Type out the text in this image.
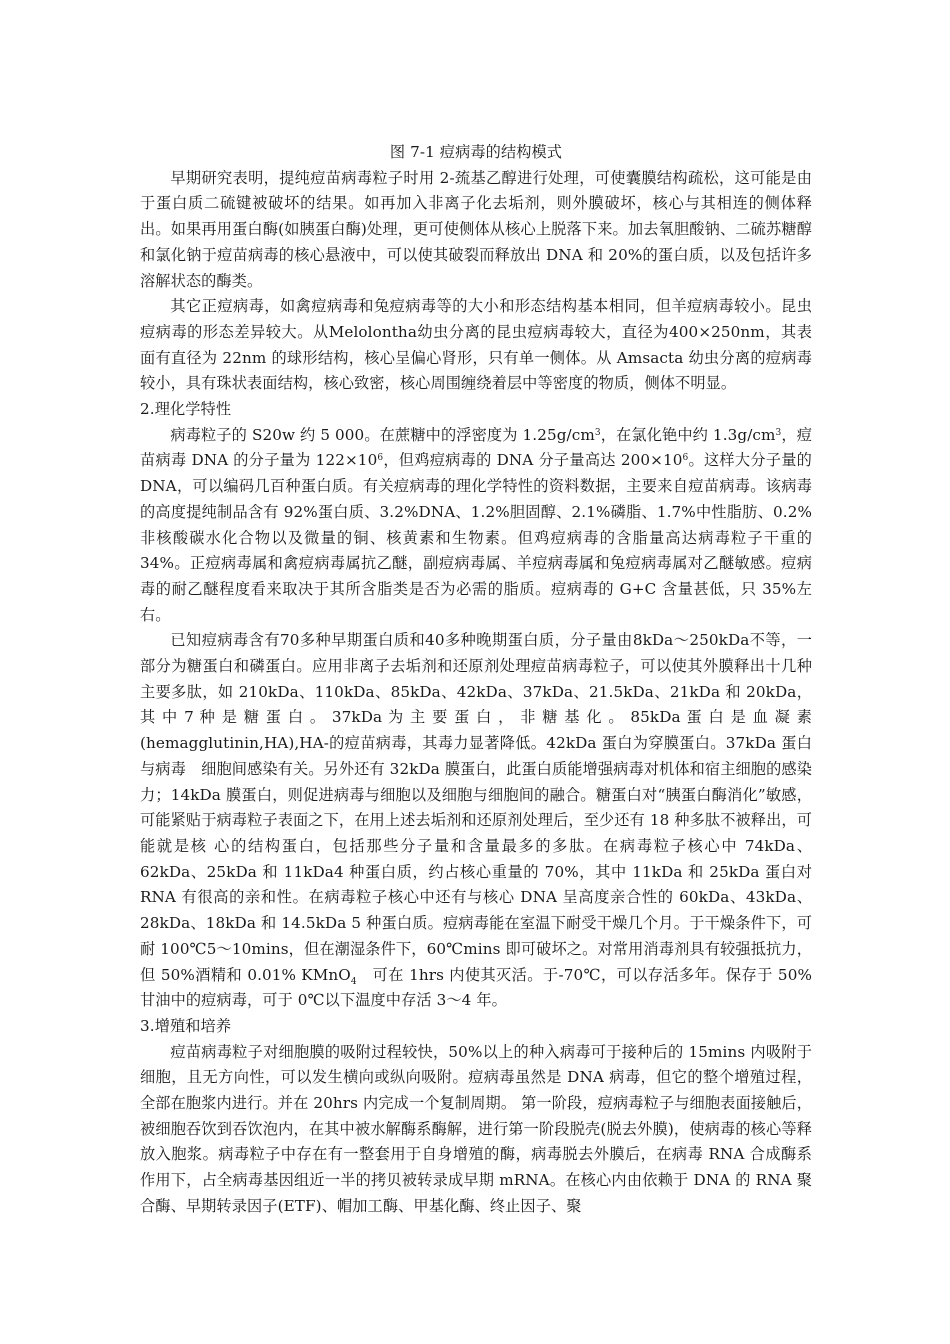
图 7-1 痘病毒的结构模式

早期研究表明，提纯痘苗病毒粒子时用 2-巯基乙醇进行处理，可使囊膜结构疏松，这可能是由于蛋白质二硫键被破坏的结果。如再加入非离子化去垢剂，则外膜破坏，核心与其相连的侧体释出。如果再用蛋白酶(如胰蛋白酶)处理，更可使侧体从核心上脱落下来。加去氧胆酸钠、二硫苏糖醇和氯化钠于痘苗病毒的核心悬液中，可以使其破裂而释放出 DNA 和 20%的蛋白质，以及包括许多溶解状态的酶类。

其它正痘病毒，如禽痘病毒和兔痘病毒等的大小和形态结构基本相同，但羊痘病毒较小。昆虫痘病毒的形态差异较大。从Melolontha幼虫分离的昆虫痘病毒较大，直径为400×250nm，其表面有直径为 22nm 的球形结构，核心呈偏心肾形，只有单一侧体。从 Amsacta 幼虫分离的痘病毒较小，具有珠状表面结构，核心致密，核心周围缠绕着层中等密度的物质，侧体不明显。

2.理化学特性

病毒粒子的 S20w 约 5 000。在蔗糖中的浮密度为 $1.25g/cm^3$，在氯化铯中约 $1.3g/cm^3$，痘苗病毒 DNA 的分子量为 $122\times 10^6$，但鸡痘病毒的 DNA 分子量高达 $200\times 10^6$。这样大分子量的 DNA，可以编码几百种蛋白质。有关痘病毒的理化学特性的资料数据，主要来自痘苗病毒。该病毒的高度提纯制品含有 92%蛋白质、3.2%DNA、1.2%胆固醇、2.1%磷脂、1.7%中性脂肪、0.2%非核酸碳水化合物以及微量的铜、核黄素和生物素。但鸡痘病毒的含脂量高达病毒粒子干重的 34%。正痘病毒属和禽痘病毒属抗乙醚，副痘病毒属、羊痘病毒属和兔痘病毒属对乙醚敏感。痘病毒的耐乙醚程度看来取决于其所含脂类是否为必需的脂质。痘病毒的 G+C 含量甚低，只 35%左右。

已知痘病毒含有70多种早期蛋白质和40多种晚期蛋白质，分子量由8kDa～250kDa不等，一部分为糖蛋白和磷蛋白。应用非离子去垢剂和还原剂处理痘苗病毒粒子，可以使其外膜释出十几种主要多肽，如 210kDa、110kDa、85kDa、42kDa、37kDa、21.5kDa、21kDa 和 20kDa，其 中 7 种 是 糖 蛋 白 。 37kDa 为 主 要 蛋 白 ， 非 糖 基 化 。 85kDa 蛋 白 是 血 凝 素 (hemagglutinin,HA),HA-的痘苗病毒，其毒力显著降低。42kDa 蛋白为穿膜蛋白。37kDa 蛋白与病毒　细胞间感染有关。另外还有 32kDa 膜蛋白，此蛋白质能增强病毒对机体和宿主细胞的感染力；14kDa 膜蛋白，则促进病毒与细胞以及细胞与细胞间的融合。糖蛋白对“胰蛋白酶消化”敏感，可能紧贴于病毒粒子表面之下，在用上述去垢剂和还原剂处理后，至少还有 18 种多肽不被释出，可能就是核 心的结构蛋白，包括那些分子量和含量最多的多肽。在病毒粒子核心中 74kDa、62kDa、25kDa 和 11kDa4 种蛋白质，约占核心重量的 70%，其中 11kDa 和 25kDa 蛋白对 RNA 有很高的亲和性。在病毒粒子核心中还有与核心 DNA 呈高度亲合性的 60kDa、43kDa、28kDa、18kDa 和 14.5kDa 5 种蛋白质。痘病毒能在室温下耐受干燥几个月。于干燥条件下，可耐 100℃5～10mins，但在潮湿条件下，60℃mins 即可破坏之。对常用消毒剂具有较强抵抗力，但 50%酒精和 0.01% KMnO$_4$　可在 1hrs 内使其灭活。于-70℃，可以存活多年。保存于 50%甘油中的痘病毒，可于 0℃以下温度中存活 3～4 年。

3.增殖和培养

痘苗病毒粒子对细胞膜的吸附过程较快，50%以上的种入病毒可于接种后的 15mins 内吸附于细胞，且无方向性，可以发生横向或纵向吸附。痘病毒虽然是 DNA 病毒，但它的整个增殖过程，全部在胞浆内进行。并在 20hrs 内完成一个复制周期。 第一阶段，痘病毒粒子与细胞表面接触后，被细胞吞饮到吞饮泡内，在其中被水解酶系酶解，进行第一阶段脱壳(脱去外膜)，使病毒的核心等释放入胞浆。病毒粒子中存在有一整套用于自身增殖的酶，病毒脱去外膜后，在病毒 RNA 合成酶系作用下，占全病毒基因组近一半的拷贝被转录成早期 mRNA。在核心内由依赖于 DNA 的 RNA 聚合酶、早期转录因子(ETF)、帽加工酶、甲基化酶、终止因子、聚
